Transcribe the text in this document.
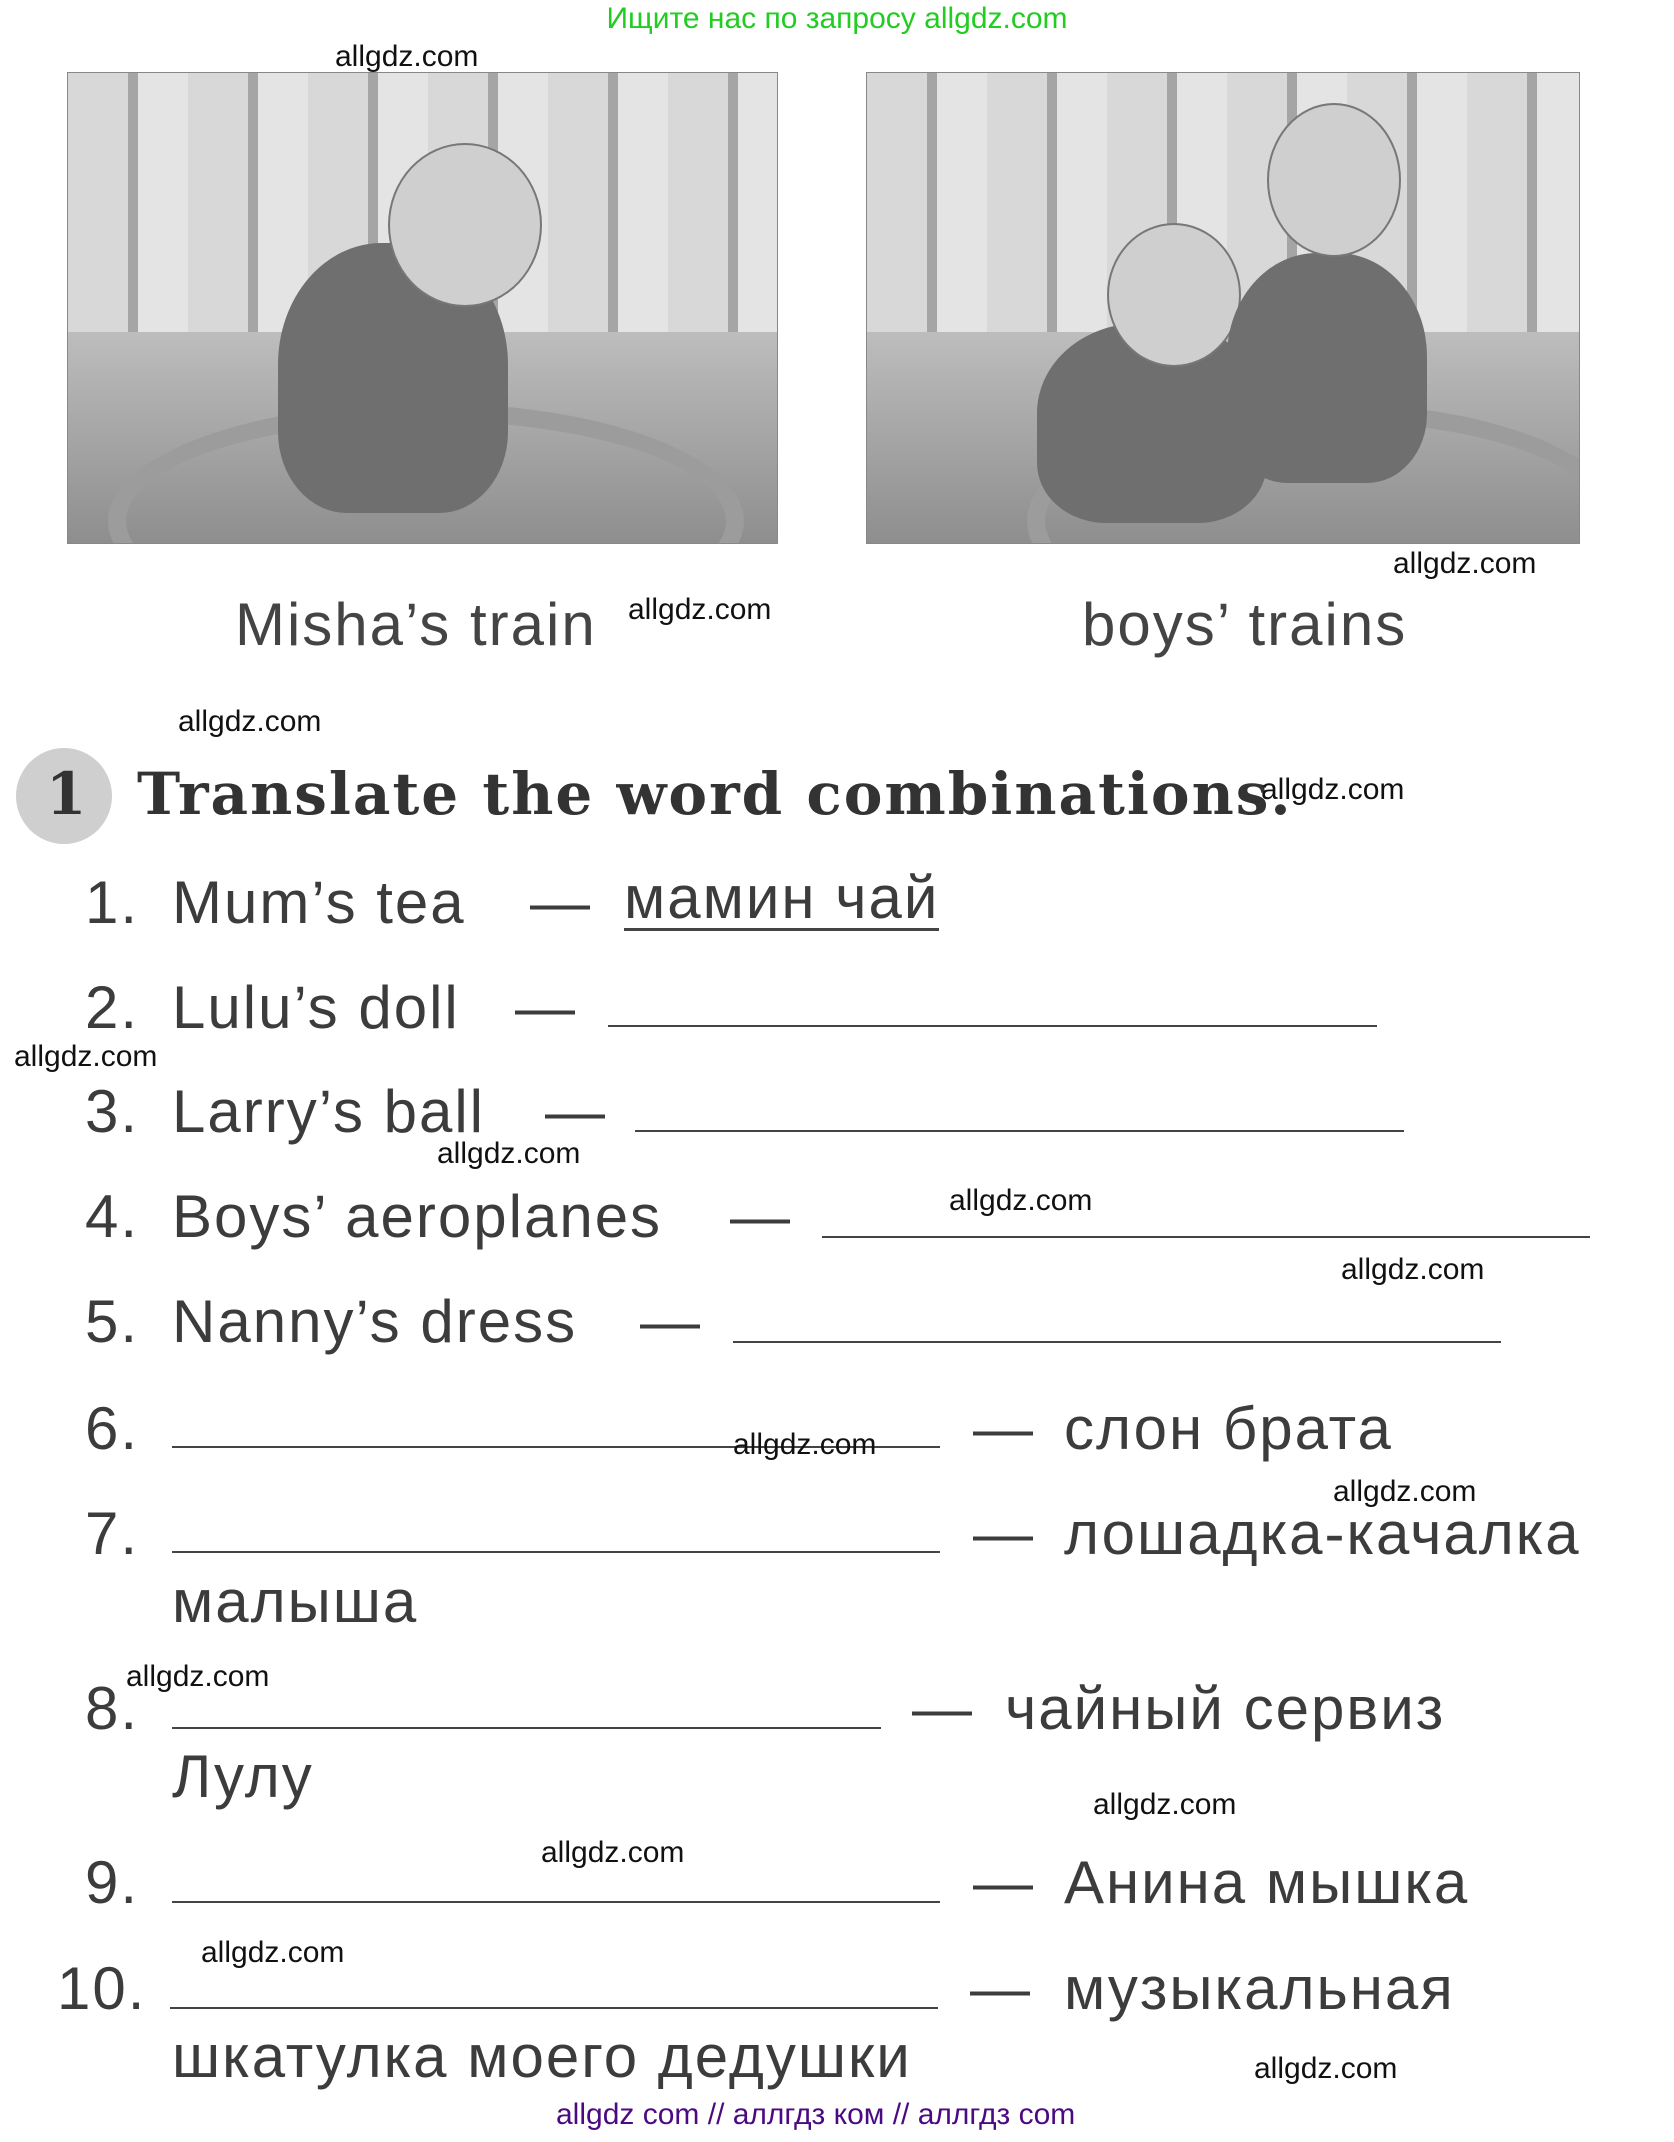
Ищите нас по запросу allgdz.com
Misha’s train	boys’ trains
1 Translate the word combinations.
1. Mum’s tea — мамин чай
2. Lulu’s doll —
3. Larry’s ball —
4. Boys’ aeroplanes —
5. Nanny’s dress —
6.	— слон брата
7.	— лошадка-качалка
малыша
8.	— чайный сервиз
Лулу
9.	— Анина мышка
10.	— музыкальная
шкатулка моего дедушки
allgdz.com
allgdz.com
allgdz.com
allgdz.com
allgdz.com
allgdz.com
allgdz.com
allgdz.com
allgdz.com
allgdz.com
allgdz.com
allgdz.com
allgdz.com
allgdz.com
allgdz.com
allgdz.com
allgdz com // аллгдз ком // аллгдз com
